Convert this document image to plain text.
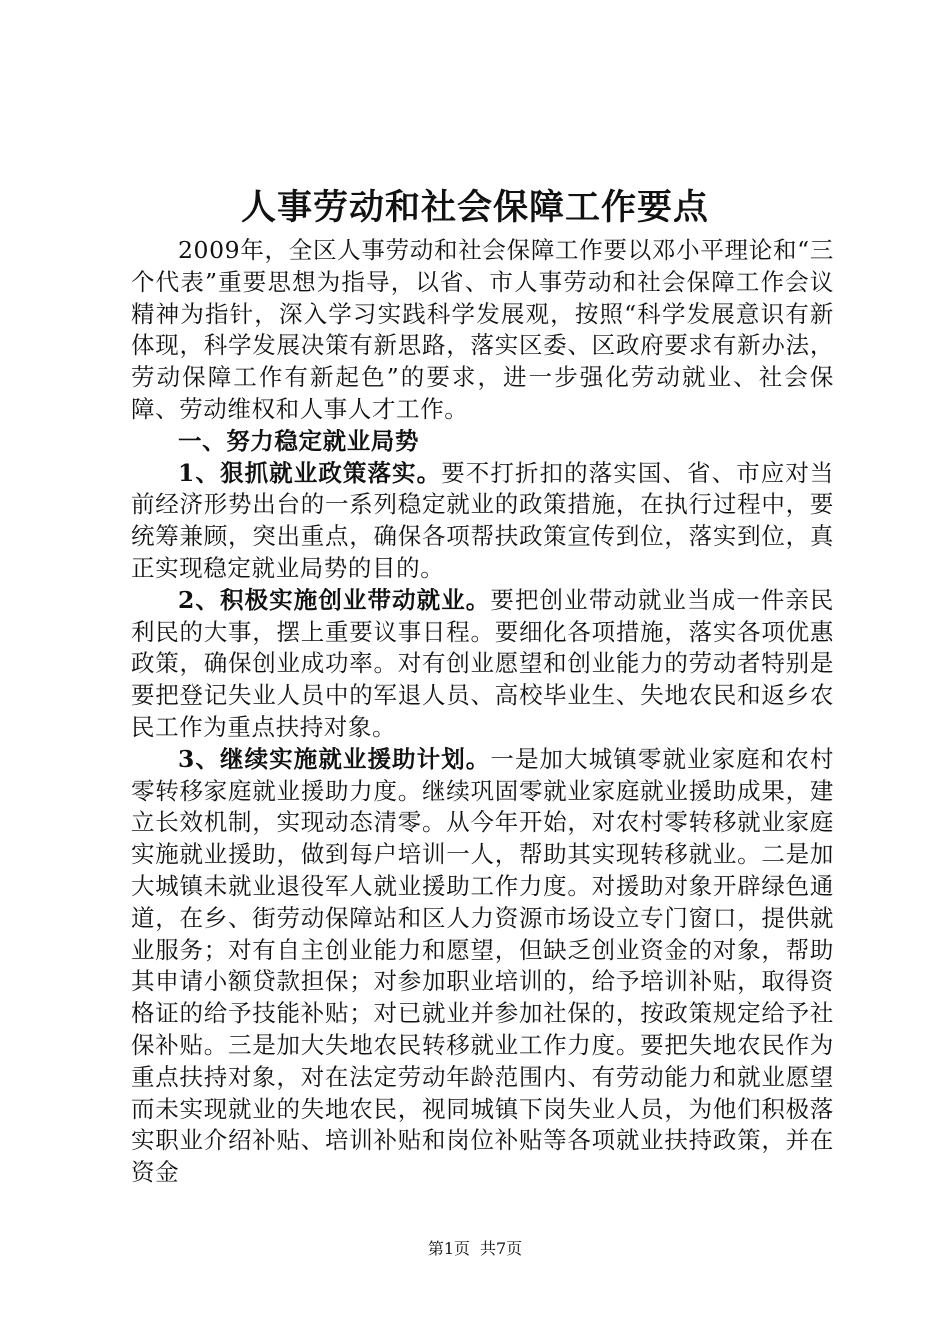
人事劳动和社会保障工作要点

2009年，全区人事劳动和社会保障工作要以邓小平理论和“三个代表”重要思想为指导，以省、市人事劳动和社会保障工作会议精神为指针，深入学习实践科学发展观，按照“科学发展意识有新体现，科学发展决策有新思路，落实区委、区政府要求有新办法，劳动保障工作有新起色”的要求，进一步强化劳动就业、社会保障、劳动维权和人事人才工作。

一、努力稳定就业局势

1、狠抓就业政策落实。要不打折扣的落实国、省、市应对当前经济形势出台的一系列稳定就业的政策措施，在执行过程中，要统筹兼顾，突出重点，确保各项帮扶政策宣传到位，落实到位，真正实现稳定就业局势的目的。

2、积极实施创业带动就业。要把创业带动就业当成一件亲民利民的大事，摆上重要议事日程。要细化各项措施，落实各项优惠政策，确保创业成功率。对有创业愿望和创业能力的劳动者特别是要把登记失业人员中的军退人员、高校毕业生、失地农民和返乡农民工作为重点扶持对象。

3、继续实施就业援助计划。一是加大城镇零就业家庭和农村零转移家庭就业援助力度。继续巩固零就业家庭就业援助成果，建立长效机制，实现动态清零。从今年开始，对农村零转移就业家庭实施就业援助，做到每户培训一人，帮助其实现转移就业。二是加大城镇未就业退役军人就业援助工作力度。对援助对象开辟绿色通道，在乡、街劳动保障站和区人力资源市场设立专门窗口，提供就业服务；对有自主创业能力和愿望，但缺乏创业资金的对象，帮助其申请小额贷款担保；对参加职业培训的，给予培训补贴，取得资格证的给予技能补贴；对已就业并参加社保的，按政策规定给予社保补贴。三是加大失地农民转移就业工作力度。要把失地农民作为重点扶持对象，对在法定劳动年龄范围内、有劳动能力和就业愿望而未实现就业的失地农民，视同城镇下岗失业人员，为他们积极落实职业介绍补贴、培训补贴和岗位补贴等各项就业扶持政策，并在资金

第1页 共7页
